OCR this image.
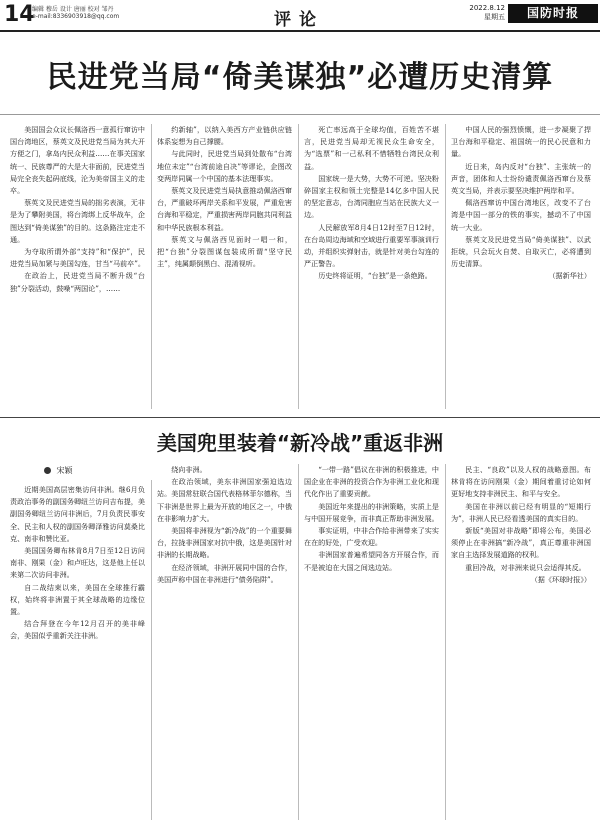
14
编辑 穆岳 设计 唐丽 校对 邹丹
e-mail:8336903918@qq.com	评论
2022.8.12
星期五	国防时报
民进党当局“倚美谋独”必遭历史清算

美国国会众议长佩洛西一意孤行窜访中国台湾地区，蔡英文及民进党当局为其大开方便之门，拿岛内民众利益……在事关国家统一、民族尊严的大是大非面前，民进党当局完全丧失起码底线，沦为美帝国主义的走卒。

蔡英文及民进党当局的拙劣表演，无非是为了攀附美国，将台湾绑上反华战车，企图达到“倚美谋独”的目的。这条路注定走不通。

为夺取所谓外部“支持”和“保护”，民进党当局加紧与美国勾连，甘当“马前卒”。

在政治上，民进党当局不断升级“台独”分裂活动，鼓噪“两国论”，……

约新轴”，以纳入美西方产业链供应链体系妄想为自己撑腰。

与此同时，民进党当局到处散布“台湾地位未定”“台湾前途自决”等谬论，企图改变两岸同属一个中国的基本法理事实。

蔡英文及民进党当局执意推动佩洛西窜台，严重破坏两岸关系和平发展，严重危害台海和平稳定，严重损害两岸同胞共同利益和中华民族根本利益。

蔡英文与佩洛西见面时一唱一和，把“台独”分裂图谋包装成所谓“坚守民主”，纯属颠倒黑白、混淆视听。

死亡率远高于全球均值，百姓苦不堪言，民进党当局却无视民众生命安全，为“选票”和一己私利不惜牺牲台湾民众利益。

国家统一是大势，大势不可逆。坚决粉碎国家主权和领土完整是14亿多中国人民的坚定意志，台湾同胞应当站在民族大义一边。

人民解放军8月4日12时至7日12时，在台岛周边海域和空域进行重要军事演训行动，并组织实弹射击，就是针对美台勾连的严正警告。

历史终将证明，“台独”是一条绝路。

中国人民的强烈愤慨，进一步凝聚了捍卫台海和平稳定、祖国统一的民心民意和力量。

近日来，岛内反对“台独”、主张统一的声音，团体和人士纷纷谴责佩洛西窜台及蔡英文当局，并表示要坚决维护两岸和平。

佩洛西窜访中国台湾地区，改变不了台湾是中国一部分的铁的事实，撼动不了中国统一大业。

蔡英文及民进党当局“倚美谋独”、以武拒统，只会玩火自焚、自取灭亡，必将遭到历史清算。

（据新华社）
美国兜里装着“新冷战”重返非洲
宋颖

近期美国高层密集访问非洲。继6月负责政治事务的副国务卿纽兰访问吉布提，美副国务卿纽兰访问非洲后，7月负责民事安全、民主和人权的副国务卿泽雅访问莫桑比克、南非和赞比亚。

美国国务卿布林肯8月7日至12日访问南非、刚果（金）和卢旺达，这是他上任以来第二次访问非洲。

自二战结束以来，美国在全球推行霸权，始终将非洲置于其全球战略的边缘位置。

结合拜登在今年12月召开的美非峰会，美国似乎重新关注非洲。

绕向非洲。

在政治领域，美东非洲国家强迫选边站。美国常驻联合国代表格林菲尔德称，当下非洲是世界上最为开放的地区之一，中俄在非影响力扩大。

美国将非洲视为“新冷战”的一个重要舞台，拉拢非洲国家对抗中俄，这是美国针对非洲的长期战略。

在经济领域，非洲开展同中国的合作，美国声称中国在非洲进行“债务陷阱”。

“一带一路”倡议在非洲的积极推进，中国企业在非洲的投资合作为非洲工业化和现代化作出了重要贡献。

美国近年来提出的非洲策略，实质上是与中国开展竞争，而非真正帮助非洲发展。

事实证明，中非合作给非洲带来了实实在在的好处，广受欢迎。

非洲国家普遍希望同各方开展合作，而不是被迫在大国之间选边站。

民主、“良政”以及人权的战略意图。布林肯将在访问刚果（金）期间着重讨论如何更好地支持非洲民主、和平与安全。

美国在非洲以前已经有明显的“短期行为”，非洲人民已经看透美国的真实目的。

新版“美国对非战略”即将公布，美国必须停止在非洲搞“新冷战”，真正尊重非洲国家自主选择发展道路的权利。

重回冷战，对非洲来说只会适得其反。

（据《环球时报》）
